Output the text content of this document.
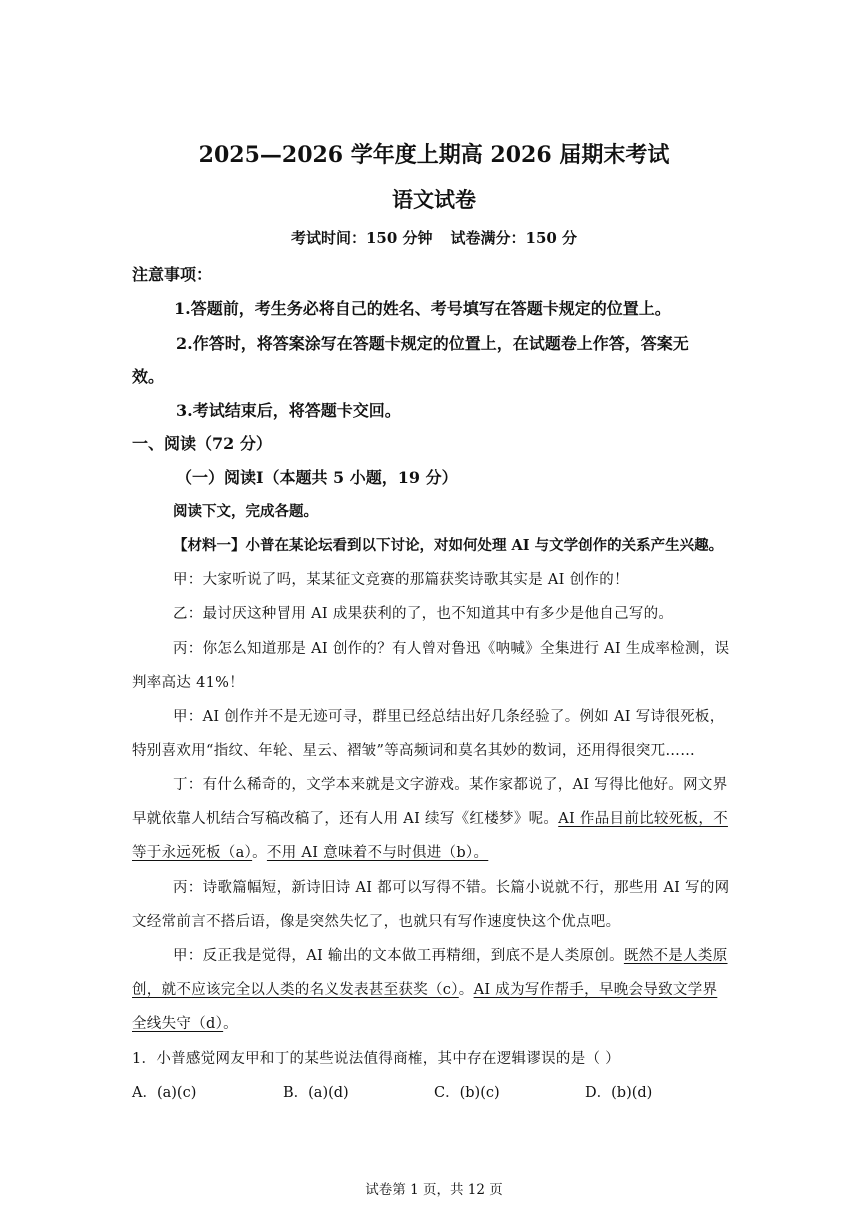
2025—2026 学年度上期高 2026 届期末考试
语文试卷
考试时间：150 分钟 试卷满分：150 分
注意事项：
1.答题前，考生务必将自己的姓名、考号填写在答题卡规定的位置上。
2.作答时，将答案涂写在答题卡规定的位置上，在试题卷上作答，答案无
效。
3.考试结束后，将答题卡交回。
一、阅读（72 分）
（一）阅读Ⅰ（本题共 5 小题，19 分）
阅读下文，完成各题。
【材料一】小普在某论坛看到以下讨论，对如何处理 AI 与文学创作的关系产生兴趣。
甲：大家听说了吗，某某征文竞赛的那篇获奖诗歌其实是 AI 创作的！
乙：最讨厌这种冒用 AI 成果获利的了，也不知道其中有多少是他自己写的。
丙：你怎么知道那是 AI 创作的？有人曾对鲁迅《呐喊》全集进行 AI 生成率检测，误
判率高达 41%！
甲：AI 创作并不是无迹可寻，群里已经总结出好几条经验了。例如 AI 写诗很死板，
特别喜欢用“指纹、年轮、星云、褶皱”等高频词和莫名其妙的数词，还用得很突兀……
丁：有什么稀奇的，文学本来就是文字游戏。某作家都说了，AI 写得比他好。网文界
早就依靠人机结合写稿改稿了，还有人用 AI 续写《红楼梦》呢。AI 作品目前比较死板，不
等于永远死板（a）。不用 AI 意味着不与时俱进（b）。
丙：诗歌篇幅短，新诗旧诗 AI 都可以写得不错。长篇小说就不行，那些用 AI 写的网
文经常前言不搭后语，像是突然失忆了，也就只有写作速度快这个优点吧。
甲：反正我是觉得，AI 输出的文本做工再精细，到底不是人类原创。既然不是人类原
创，就不应该完全以人类的名义发表甚至获奖（c）。AI 成为写作帮手，早晚会导致文学界
全线失守（d）。
1．小普感觉网友甲和丁的某些说法值得商榷，其中存在逻辑谬误的是（ ）
A．(a)(c)	B．(a)(d)	C．(b)(c)	D．(b)(d)
试卷第 1 页，共 12 页
